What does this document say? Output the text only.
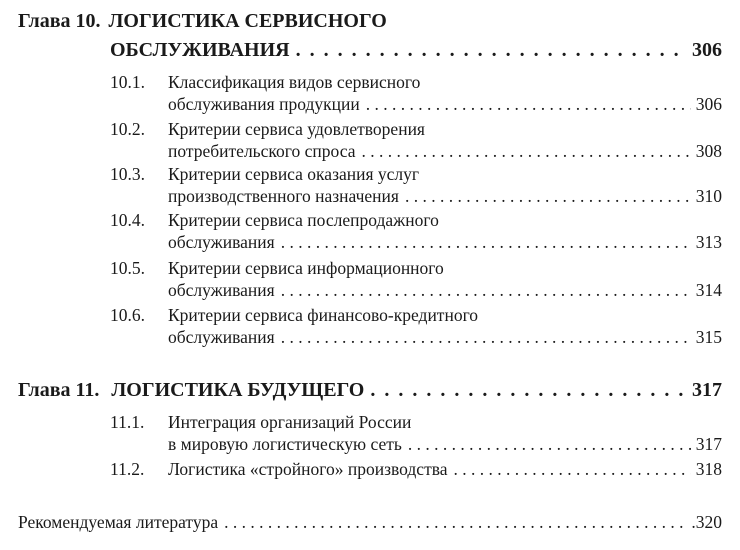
Глава 10. ЛОГИСТИКА СЕРВИСНОГО
ОБСЛУЖИВАНИЯ . . .	306
10.1. Классификация видов сервисного
обслуживания продукции . . .	306
10.2. Критерии сервиса удовлетворения
потребительского спроса . . .	308
10.3. Критерии сервиса оказания услуг
производственного назначения . . .	310
10.4. Критерии сервиса послепродажного
обслуживания . . .	313
10.5. Критерии сервиса информационного
обслуживания . . .	314
10.6. Критерии сервиса финансово-кредитного
обслуживания . . .	315
Глава 11. ЛОГИСТИКА БУДУЩЕГО . . .	317
11.1. Интеграция организаций России
в мировую логистическую сеть . . .	317
11.2. Логистика «стройного» производства . . .	318
Рекомендуемая литература . . .	.320
